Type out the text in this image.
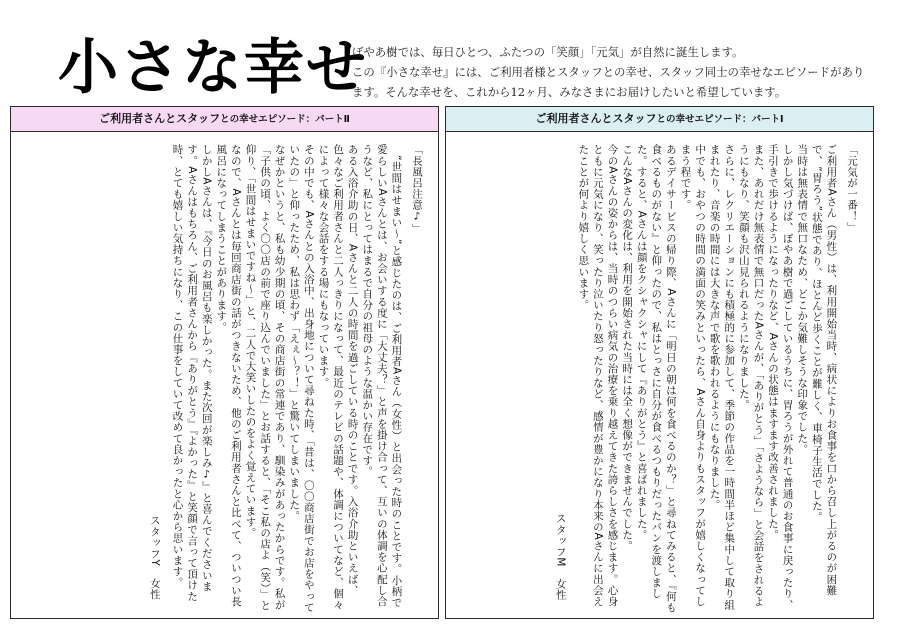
小さな幸せ
ぼやあ樹では、毎日ひとつ、ふたつの「笑顔」「元気」が自然に誕生します。
この『小さな幸せ』には、ご利用者様とスタッフとの幸せ、スタッフ同士の幸せなエピソードがあり
ます。そんな幸せを、これから12ヶ月、みなさまにお届けしたいと希望しています。
ご利用者さんとスタッフとの幸せエピソード：パートⅡ

「長風呂注意♪」

　“世間はせまい～”と感じたのは、ご利用者Aさん（女性）と出会った時のことです。小柄で愛らしいAさんとは、お会いする度に「大丈夫？」と声を掛け合って、互いの体調を心配し合うなど、私にとってはまるで自分の祖母のような温かい存在です。

ある入浴介助の日、Aさんと二人の時間を過ごしている時のことです。入浴介助といえば、色々なご利用者さんと二人っきりになって、最近のテレビの話題や、体調についてなど、個々によって様々な会話をする場にもなっています。

その中でも、Aさんとの入浴中、出身地について尋ねた時、「昔は、〇〇商店街でお店をやっていたの」と仰ったため、私は思わず「えぇ～？！」と驚いてしまいました。

なぜかというと、私も幼少期の頃、その商店街の常連であり、馴染みがあったからです。私が「子供の頃、よく〇〇店の前で座り込んでいました」とお話すると、「そこ私の店よ（笑）」と仰り、「世間はせまいですね～」と、二人で大笑いしたのをよく覚えています。

なので、Aさんとは毎回商店街の話がつきないため、他のご利用者さんと比べて、ついつい長風呂になってしまうことがあります。

しかしAさんは、『今日のお風呂も楽しかった。また次回が楽しみ♪』と喜んでくださいます。Aさんはもちろん、ご利用者さんから『ありがとう』『よかった』と笑顔で言って頂けた時、とても嬉しい気持ちになり、この仕事をしていて改めて良かったと心から思います。

スタッフY　女性

ご利用者さんとスタッフとの幸せエピソード：パートⅠ

「元気が一番！」

ご利用者Aさん（男性）は、利用開始当時、病状によりお食事を口から召し上がるのが困難で、“胃ろう”状態であり、ほとんど歩くことが難しく、車椅子生活でした。

当時は無表情で無口なため、どこか気難しそうな印象でした。

しかし気づけば、ぼやあ樹で過ごしているうちに、胃ろうが外れて普通のお食事に戻ったり、手引きで歩けるようになったりなど、Aさんの状態はますます改善されました。

また、あれだけ無表情で無口だったAさんが、「ありがとう」「さようなら」と会話をされるようにもなり、笑顔も沢山見られるようになりました。

さらに、レクリエーションにも積極的に参加して、季節の作品を一時間半ほど集中して取り組まれたり、音楽の時間には大きな声で歌を歌われるようにもなりました。

中でも、おやつの時間の満面の笑みといったら、Aさん自身よりもスタッフが嬉しくなってしまう程です。

あるデイサービスの帰り際、Aさんに「明日の朝は何を食べるのか？」と尋ねてみると、『何も食べるものがない』と仰ったので、私はとっさに自分が食べるつもりだったパンを渡しました。すると、Aさんは顔をクシャクシャにして『ありがとう』と喜ばれました。

こんなAさんの変化は、利用を開始された当時には全く想像ができませんでした。

今のAさんの姿からは、当時のつらい病気の治療を乗り越えてきた誇らしさを感じます。心身ともに元気になり、笑ったり泣いたり怒ったりなど、感情が豊かになり本来のAさんに出会えたことが何より嬉しく思います。

スタッフM　女性
